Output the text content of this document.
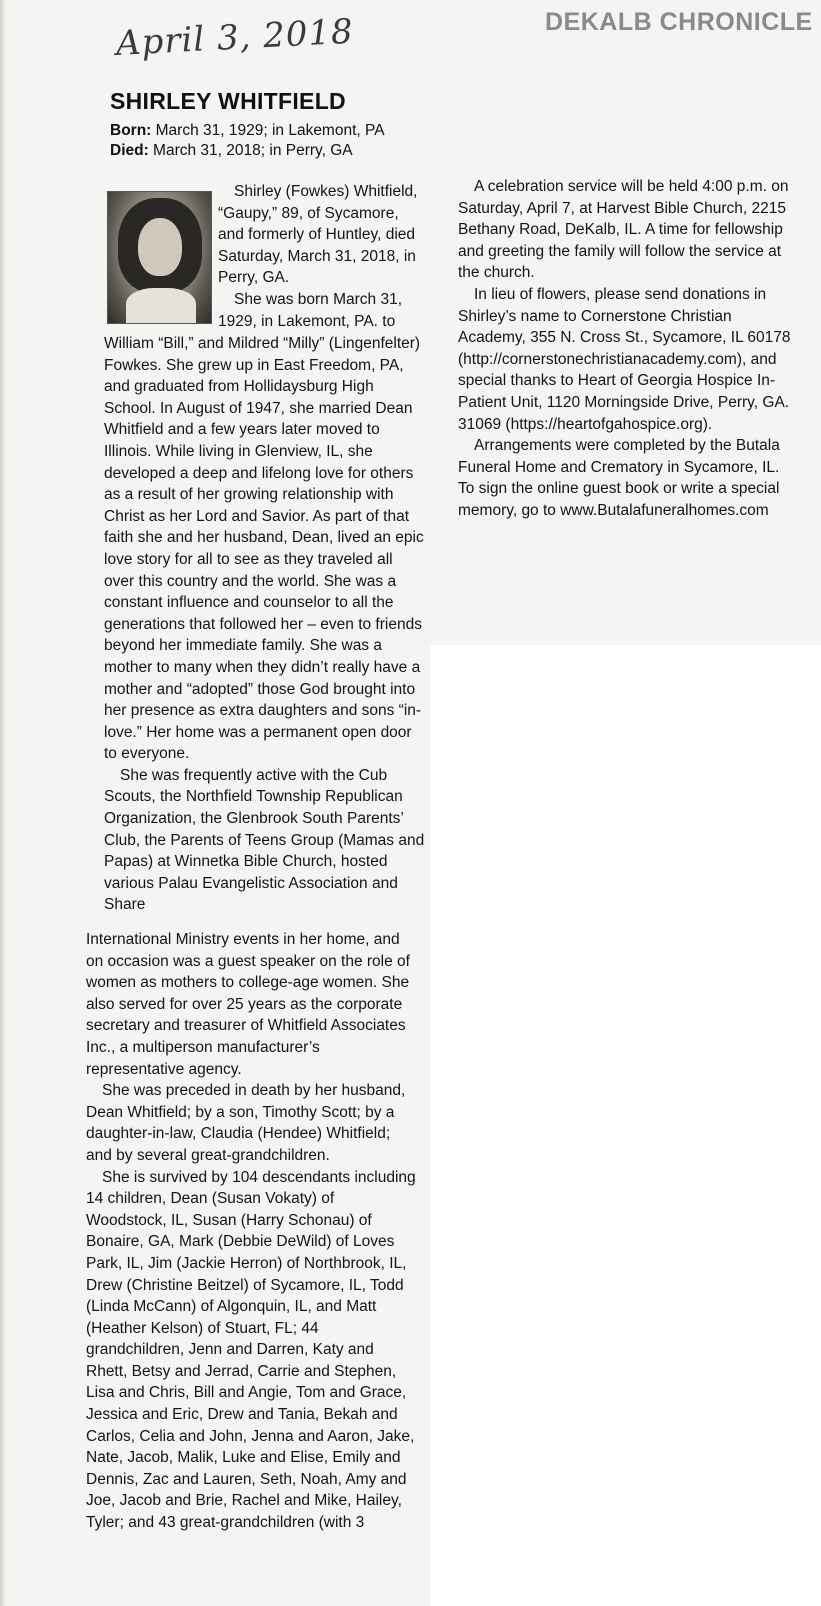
DEKALB CHRONICLE
April 3, 2018
SHIRLEY WHITFIELD
Born: March 31, 1929; in Lakemont, PA
Died: March 31, 2018; in Perry, GA

Shirley (Fowkes) Whitfield, “Gaupy,” 89, of Sycamore, and formerly of Huntley, died Saturday, March 31, 2018, in Perry, GA.

She was born March 31, 1929, in Lakemont, PA. to

William “Bill,” and Mildred “Milly” (Lingenfelter) Fowkes. She grew up in East Freedom, PA, and graduated from Hollidaysburg High School. In August of 1947, she married Dean Whitfield and a few years later moved to Illinois. While living in Glenview, IL, she developed a deep and lifelong love for others as a result of her growing relationship with Christ as her Lord and Savior. As part of that faith she and her husband, Dean, lived an epic love story for all to see as they traveled all over this country and the world. She was a constant influence and counselor to all the generations that followed her – even to friends beyond her immediate family. She was a mother to many when they didn’t really have a mother and “adopted” those God brought into her presence as extra daughters and sons “in-love.” Her home was a permanent open door to everyone.

She was frequently active with the Cub Scouts, the Northfield Township Republican Organization, the Glenbrook South Parents’ Club, the Parents of Teens Group (Mamas and Papas) at Winnetka Bible Church, hosted various Palau Evangelistic Association and Share

International Ministry events in her home, and on occasion was a guest speaker on the role of women as mothers to college-age women. She also served for over 25 years as the corporate secretary and treasurer of Whitfield Associates Inc., a multiperson manufacturer’s representative agency.

She was preceded in death by her husband, Dean Whitfield; by a son, Timothy Scott; by a daughter-in-law, Claudia (Hendee) Whitfield; and by several great-grandchildren.

She is survived by 104 descendants including 14 children, Dean (Susan Vokaty) of Woodstock, IL, Susan (Harry Schonau) of Bonaire, GA, Mark (Debbie DeWild) of Loves Park, IL, Jim (Jackie Herron) of Northbrook, IL, Drew (Christine Beitzel) of Sycamore, IL, Todd (Linda McCann) of Algonquin, IL, and Matt (Heather Kelson) of Stuart, FL; 44 grandchildren, Jenn and Darren, Katy and Rhett, Betsy and Jerrad, Carrie and Stephen, Lisa and Chris, Bill and Angie, Tom and Grace, Jessica and Eric, Drew and Tania, Bekah and Carlos, Celia and John, Jenna and Aaron, Jake, Nate, Jacob, Malik, Luke and Elise, Emily and Dennis, Zac and Lauren, Seth, Noah, Amy and Joe, Jacob and Brie, Rachel and Mike, Hailey, Tyler; and 43 great-grandchildren (with 3

A celebration service will be held 4:00 p.m. on Saturday, April 7, at Harvest Bible Church, 2215 Bethany Road, DeKalb, IL. A time for fellowship and greeting the family will follow the service at the church.

In lieu of flowers, please send donations in Shirley’s name to Cornerstone Christian Academy, 355 N. Cross St., Sycamore, IL 60178 (http://cornerstonechristianacademy.com), and special thanks to Heart of Georgia Hospice In-Patient Unit, 1120 Morningside Drive, Perry, GA. 31069 (https://heartofgahospice.org).

Arrangements were completed by the Butala Funeral Home and Crematory in Sycamore, IL. To sign the online guest book or write a special memory, go to www.Butalafuneralhomes.com
